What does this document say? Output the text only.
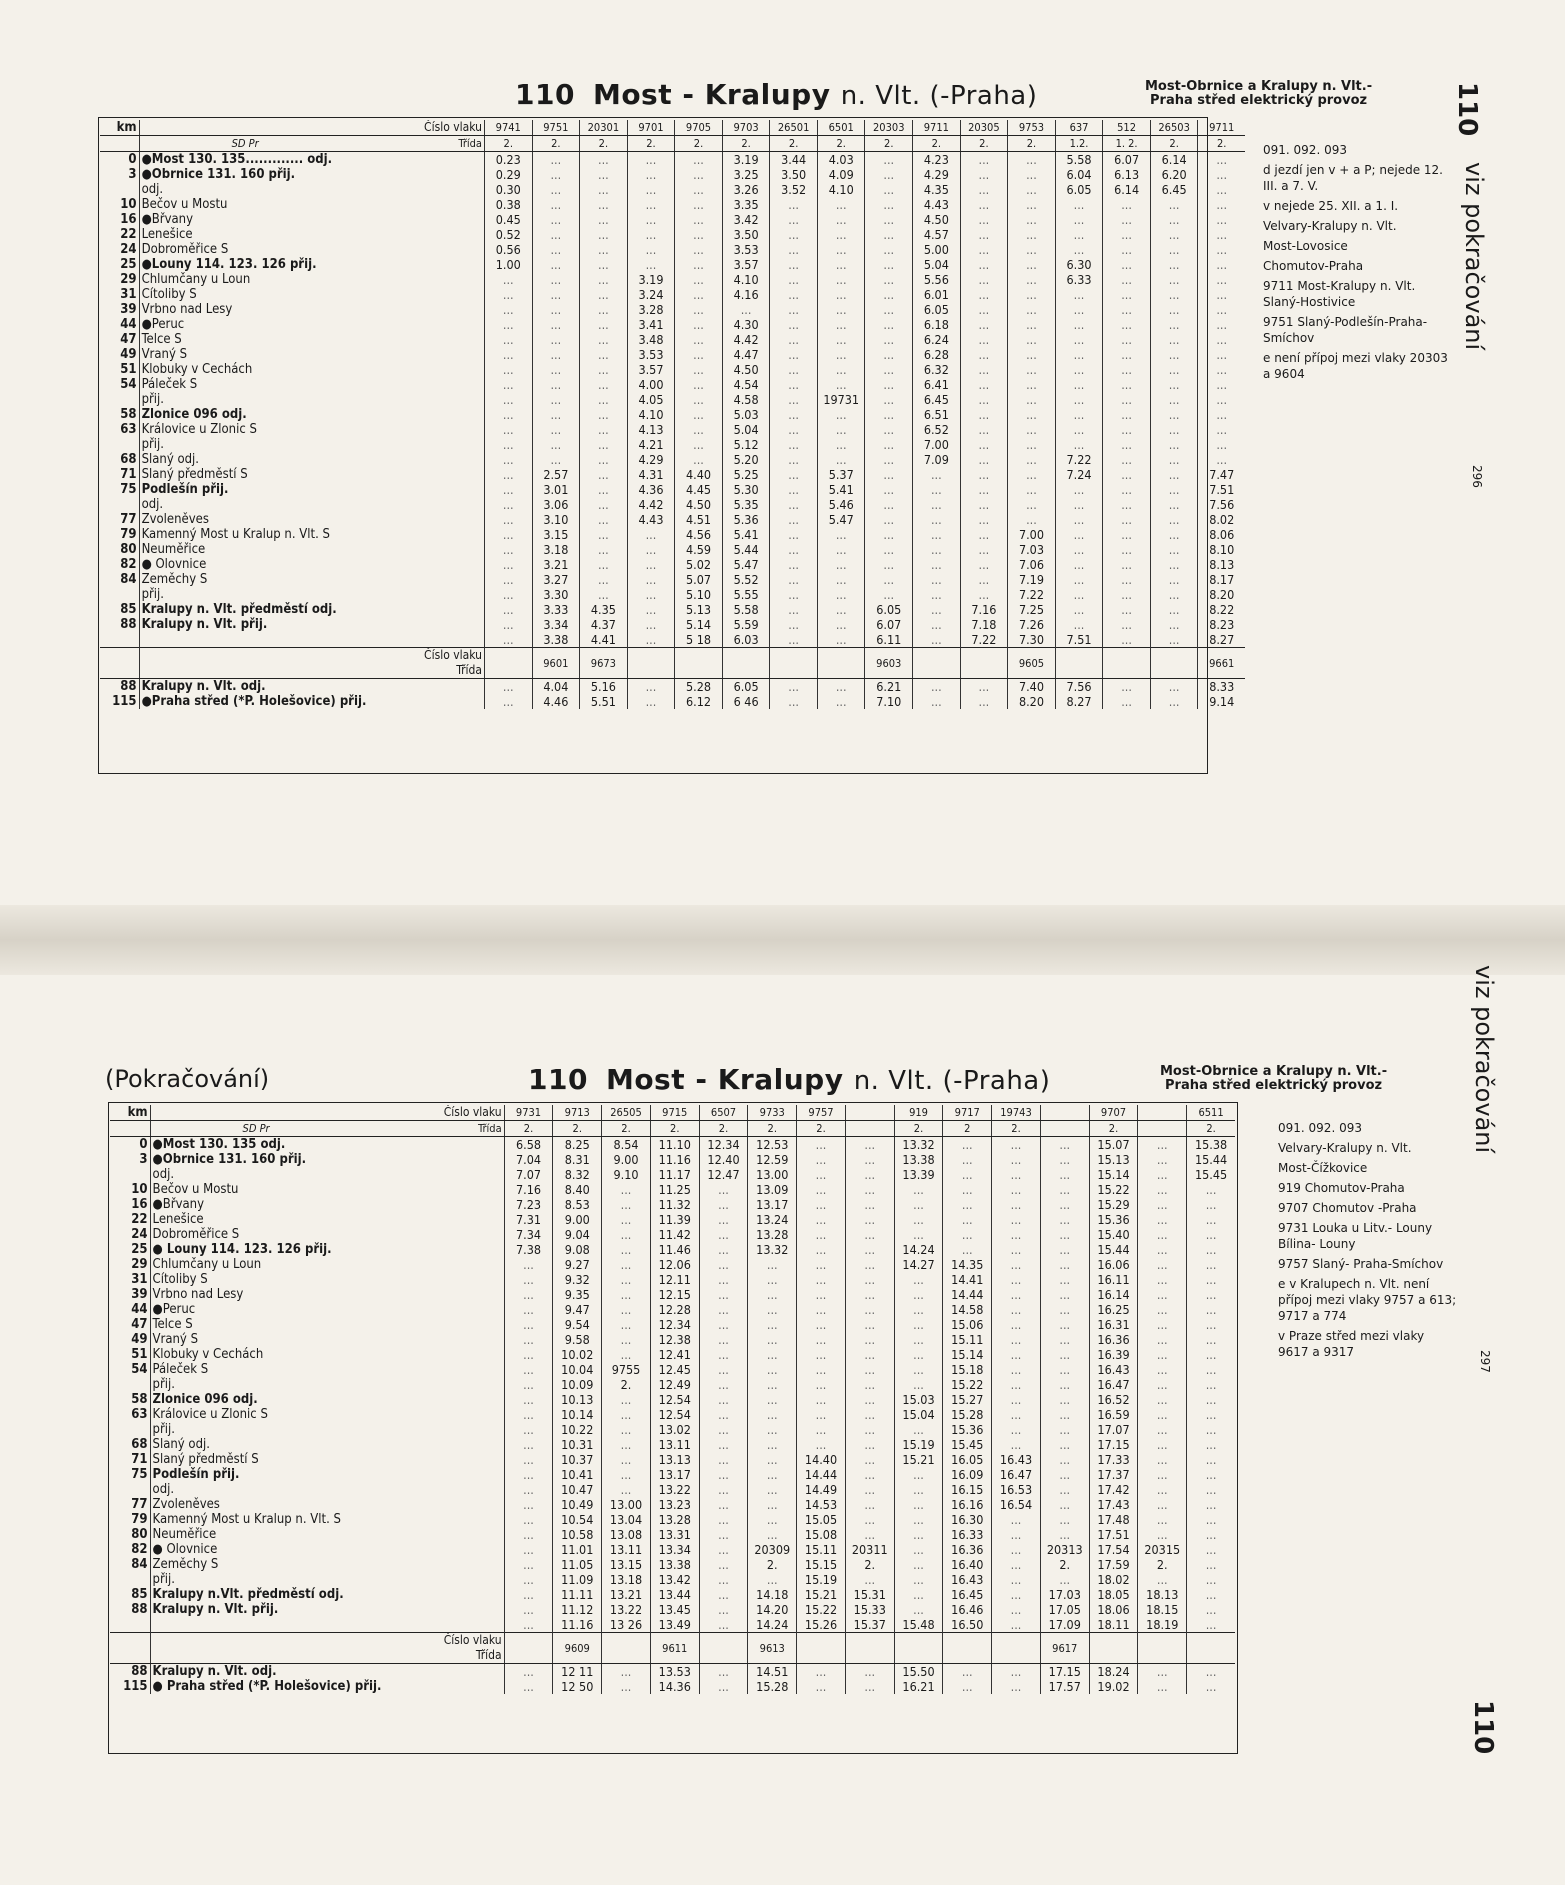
110 Most - Kralupy n. Vlt. (-Praha)	Most-Obrnice a Kralupy n. Vlt.-
Praha střed elektrický provoz	110
viz pokračování
296
km	Číslo vlaku	9741	9751	20301	9701	9705	9703	26501	6501	20303	9711	20305	9753	637	512	26503	9711

	SD Pr Třída	2.	2.	2.	2.	2.	2.	2.	2.	2.	2.	2.	2.	1.2.	1. 2.	2.	2.
0	●Most 130. 135............. odj.	0.23	...	...	...	...	3.19	3.44	4.03	...	4.23	...	...	5.58	6.07	6.14	...
3	●Obrnice 131. 160 přij.	0.29	...	...	...	...	3.25	3.50	4.09	...	4.29	...	...	6.04	6.13	6.20	...
	odj.	0.30	...	...	...	...	3.26	3.52	4.10	...	4.35	...	...	6.05	6.14	6.45	...
10	Bečov u Mostu	0.38	...	...	...	...	3.35	...	...	...	4.43	...	...	...	...	...	...
16	●Břvany	0.45	...	...	...	...	3.42	...	...	...	4.50	...	...	...	...	...	...
22	Lenešice	0.52	...	...	...	...	3.50	...	...	...	4.57	...	...	...	...	...	...
24	Dobroměřice S	0.56	...	...	...	...	3.53	...	...	...	5.00	...	...	...	...	...	...
25	●Louny 114. 123. 126 přij.	1.00	...	...	...	...	3.57	...	...	...	5.04	...	...	6.30	...	...	...
29	Chlumčany u Loun	...	...	...	3.19	...	4.10	...	...	...	5.56	...	...	6.33	...	...	...
31	Cítoliby S	...	...	...	3.24	...	4.16	...	...	...	6.01	...	...	...	...	...	...
39	Vrbno nad Lesy	...	...	...	3.28	...	...	...	...	...	6.05	...	...	...	...	...	...
44	●Peruc	...	...	...	3.41	...	4.30	...	...	...	6.18	...	...	...	...	...	...
47	Telce S	...	...	...	3.48	...	4.42	...	...	...	6.24	...	...	...	...	...	...
49	Vraný S	...	...	...	3.53	...	4.47	...	...	...	6.28	...	...	...	...	...	...
51	Klobuky v Čechách	...	...	...	3.57	...	4.50	...	...	...	6.32	...	...	...	...	...	...
54	Páleček S	...	...	...	4.00	...	4.54	...	...	...	6.41	...	...	...	...	...	...
	přij.	...	...	...	4.05	...	4.58	...	19731	...	6.45	...	...	...	...	...	...
58	Zlonice 096 odj.	...	...	...	4.10	...	5.03	...	...	...	6.51	...	...	...	...	...	...
63	Královice u Zlonic S	...	...	...	4.13	...	5.04	...	...	...	6.52	...	...	...	...	...	...
	přij.	...	...	...	4.21	...	5.12	...	...	...	7.00	...	...	...	...	...	...
68	Slaný odj.	...	...	...	4.29	...	5.20	...	...	...	7.09	...	...	7.22	...	...	...
71	Slaný předměstí S	...	2.57	...	4.31	4.40	5.25	...	5.37	...	...	...	...	7.24	...	...	7.47
75	Podlešín přij.	...	3.01	...	4.36	4.45	5.30	...	5.41	...	...	...	...	...	...	...	7.51
	odj.	...	3.06	...	4.42	4.50	5.35	...	5.46	...	...	...	...	...	...	...	7.56
77	Zvoleněves	...	3.10	...	4.43	4.51	5.36	...	5.47	...	...	...	...	...	...	...	8.02
79	Kamenný Most u Kralup n. Vlt. S	...	3.15	...	...	4.56	5.41	...	...	...	...	...	7.00	...	...	...	8.06
80	Neuměřice	...	3.18	...	...	4.59	5.44	...	...	...	...	...	7.03	...	...	...	8.10
82	● Olovnice	...	3.21	...	...	5.02	5.47	...	...	...	...	...	7.06	...	...	...	8.13
84	Zeměchy S	...	3.27	...	...	5.07	5.52	...	...	...	...	...	7.19	...	...	...	8.17
	přij.	...	3.30	...	...	5.10	5.55	...	...	...	...	...	7.22	...	...	...	8.20
85	Kralupy n. Vlt. předměstí odj.	...	3.33	4.35	...	5.13	5.58	...	...	6.05	...	7.16	7.25	...	...	...	8.22
88	Kralupy n. Vlt. přij.	...	3.34	4.37	...	5.14	5.59	...	...	6.07	...	7.18	7.26	...	...	...	8.23
		...	3.38	4.41	...	5 18	6.03	...	...	6.11	...	7.22	7.30	7.51	...	...	8.27

	Číslo vlaku
Třída		9601	9673						9603			9605				9661
88	Kralupy n. Vlt. odj.	...	4.04	5.16	...	5.28	6.05	...	...	6.21	...	...	7.40	7.56	...	...	8.33
115	●Praha střed (*P. Holešovice) přij.	...	4.46	5.51	...	6.12	6 46	...	...	7.10	...	...	8.20	8.27	...	...	9.14
091. 092. 093
d jezdí jen v + a P; nejede 12. III. a 7. V.
v nejede 25. XII. a 1. I.
Velvary-Kralupy n. Vlt.
Most-Lovosice
Chomutov-Praha
9711 Most-Kralupy n. Vlt. Slaný-Hostivice
9751 Slaný-Podlešín-Praha-Smíchov
e není přípoj mezi vlaky 20303 a 9604
(Pokračování)	110 Most - Kralupy n. Vlt. (-Praha)	Most-Obrnice a Kralupy n. Vlt.-
Praha střed elektrický provoz	viz pokračování
297
110
km	Číslo vlaku	9731	9713	26505	9715	6507	9733	9757		919	9717	19743		9707		6511

	SD Pr Třída	2.	2.	2.	2.	2.	2.	2.		2.	2	2.		2.		2.
0	●Most 130. 135 odj.	6.58	8.25	8.54	11.10	12.34	12.53	...	...	13.32	...	...	...	15.07	...	15.38
3	●Obrnice 131. 160 přij.	7.04	8.31	9.00	11.16	12.40	12.59	...	...	13.38	...	...	...	15.13	...	15.44
	odj.	7.07	8.32	9.10	11.17	12.47	13.00	...	...	13.39	...	...	...	15.14	...	15.45
10	Bečov u Mostu	7.16	8.40	...	11.25	...	13.09	...	...	...	...	...	...	15.22	...	...
16	●Břvany	7.23	8.53	...	11.32	...	13.17	...	...	...	...	...	...	15.29	...	...
22	Lenešice	7.31	9.00	...	11.39	...	13.24	...	...	...	...	...	...	15.36	...	...
24	Dobroměřice S	7.34	9.04	...	11.42	...	13.28	...	...	...	...	...	...	15.40	...	...
25	● Louny 114. 123. 126 přij.	7.38	9.08	...	11.46	...	13.32	...	...	14.24	...	...	...	15.44	...	...
29	Chlumčany u Loun	...	9.27	...	12.06	...	...	...	...	14.27	14.35	...	...	16.06	...	...
31	Cítoliby S	...	9.32	...	12.11	...	...	...	...	...	14.41	...	...	16.11	...	...
39	Vrbno nad Lesy	...	9.35	...	12.15	...	...	...	...	...	14.44	...	...	16.14	...	...
44	●Peruc	...	9.47	...	12.28	...	...	...	...	...	14.58	...	...	16.25	...	...
47	Telce S	...	9.54	...	12.34	...	...	...	...	...	15.06	...	...	16.31	...	...
49	Vraný S	...	9.58	...	12.38	...	...	...	...	...	15.11	...	...	16.36	...	...
51	Klobuky v Čechách	...	10.02	...	12.41	...	...	...	...	...	15.14	...	...	16.39	...	...
54	Páleček S	...	10.04	9755	12.45	...	...	...	...	...	15.18	...	...	16.43	...	...
	přij.	...	10.09	2.	12.49	...	...	...	...	...	15.22	...	...	16.47	...	...
58	Zlonice 096 odj.	...	10.13	...	12.54	...	...	...	...	15.03	15.27	...	...	16.52	...	...
63	Královice u Zlonic S	...	10.14	...	12.54	...	...	...	...	15.04	15.28	...	...	16.59	...	...
	přij.	...	10.22	...	13.02	...	...	...	...	...	15.36	...	...	17.07	...	...
68	Slaný odj.	...	10.31	...	13.11	...	...	...	...	15.19	15.45	...	...	17.15	...	...
71	Slaný předměstí S	...	10.37	...	13.13	...	...	14.40	...	15.21	16.05	16.43	...	17.33	...	...
75	Podlešín přij.	...	10.41	...	13.17	...	...	14.44	...	...	16.09	16.47	...	17.37	...	...
	odj.	...	10.47	...	13.22	...	...	14.49	...	...	16.15	16.53	...	17.42	...	...
77	Zvoleněves	...	10.49	13.00	13.23	...	...	14.53	...	...	16.16	16.54	...	17.43	...	...
79	Kamenný Most u Kralup n. Vlt. S	...	10.54	13.04	13.28	...	...	15.05	...	...	16.30	...	...	17.48	...	...
80	Neuměřice	...	10.58	13.08	13.31	...	...	15.08	...	...	16.33	...	...	17.51	...	...
82	● Olovnice	...	11.01	13.11	13.34	...	20309	15.11	20311	...	16.36	...	20313	17.54	20315	...
84	Zeměchy S	...	11.05	13.15	13.38	...	2.	15.15	2.	...	16.40	...	2.	17.59	2.	...
	přij.	...	11.09	13.18	13.42	...	...	15.19	...	...	16.43	...	...	18.02	...	...
85	Kralupy n.Vlt. předměstí odj.	...	11.11	13.21	13.44	...	14.18	15.21	15.31	...	16.45	...	17.03	18.05	18.13	...
88	Kralupy n. Vlt. přij.	...	11.12	13.22	13.45	...	14.20	15.22	15.33	...	16.46	...	17.05	18.06	18.15	...
		...	11.16	13 26	13.49	...	14.24	15.26	15.37	15.48	16.50	...	17.09	18.11	18.19	...

	Číslo vlaku
Třída		9609		9611		9613						9617			
88	Kralupy n. Vlt. odj.	...	12 11	...	13.53	...	14.51	...	...	15.50	...	...	17.15	18.24	...	...
115	● Praha střed (*P. Holešovice) přij.	...	12 50	...	14.36	...	15.28	...	...	16.21	...	...	17.57	19.02	...	...
091. 092. 093
Velvary-Kralupy n. Vlt.
Most-Čížkovice
919 Chomutov-Praha
9707 Chomutov -Praha
9731 Louka u Litv.- Louny Bílina- Louny
9757 Slaný- Praha-Smíchov
e v Kralupech n. Vlt. není přípoj mezi vlaky 9757 a 613; 9717 a 774
v Praze střed mezi vlaky 9617 a 9317
